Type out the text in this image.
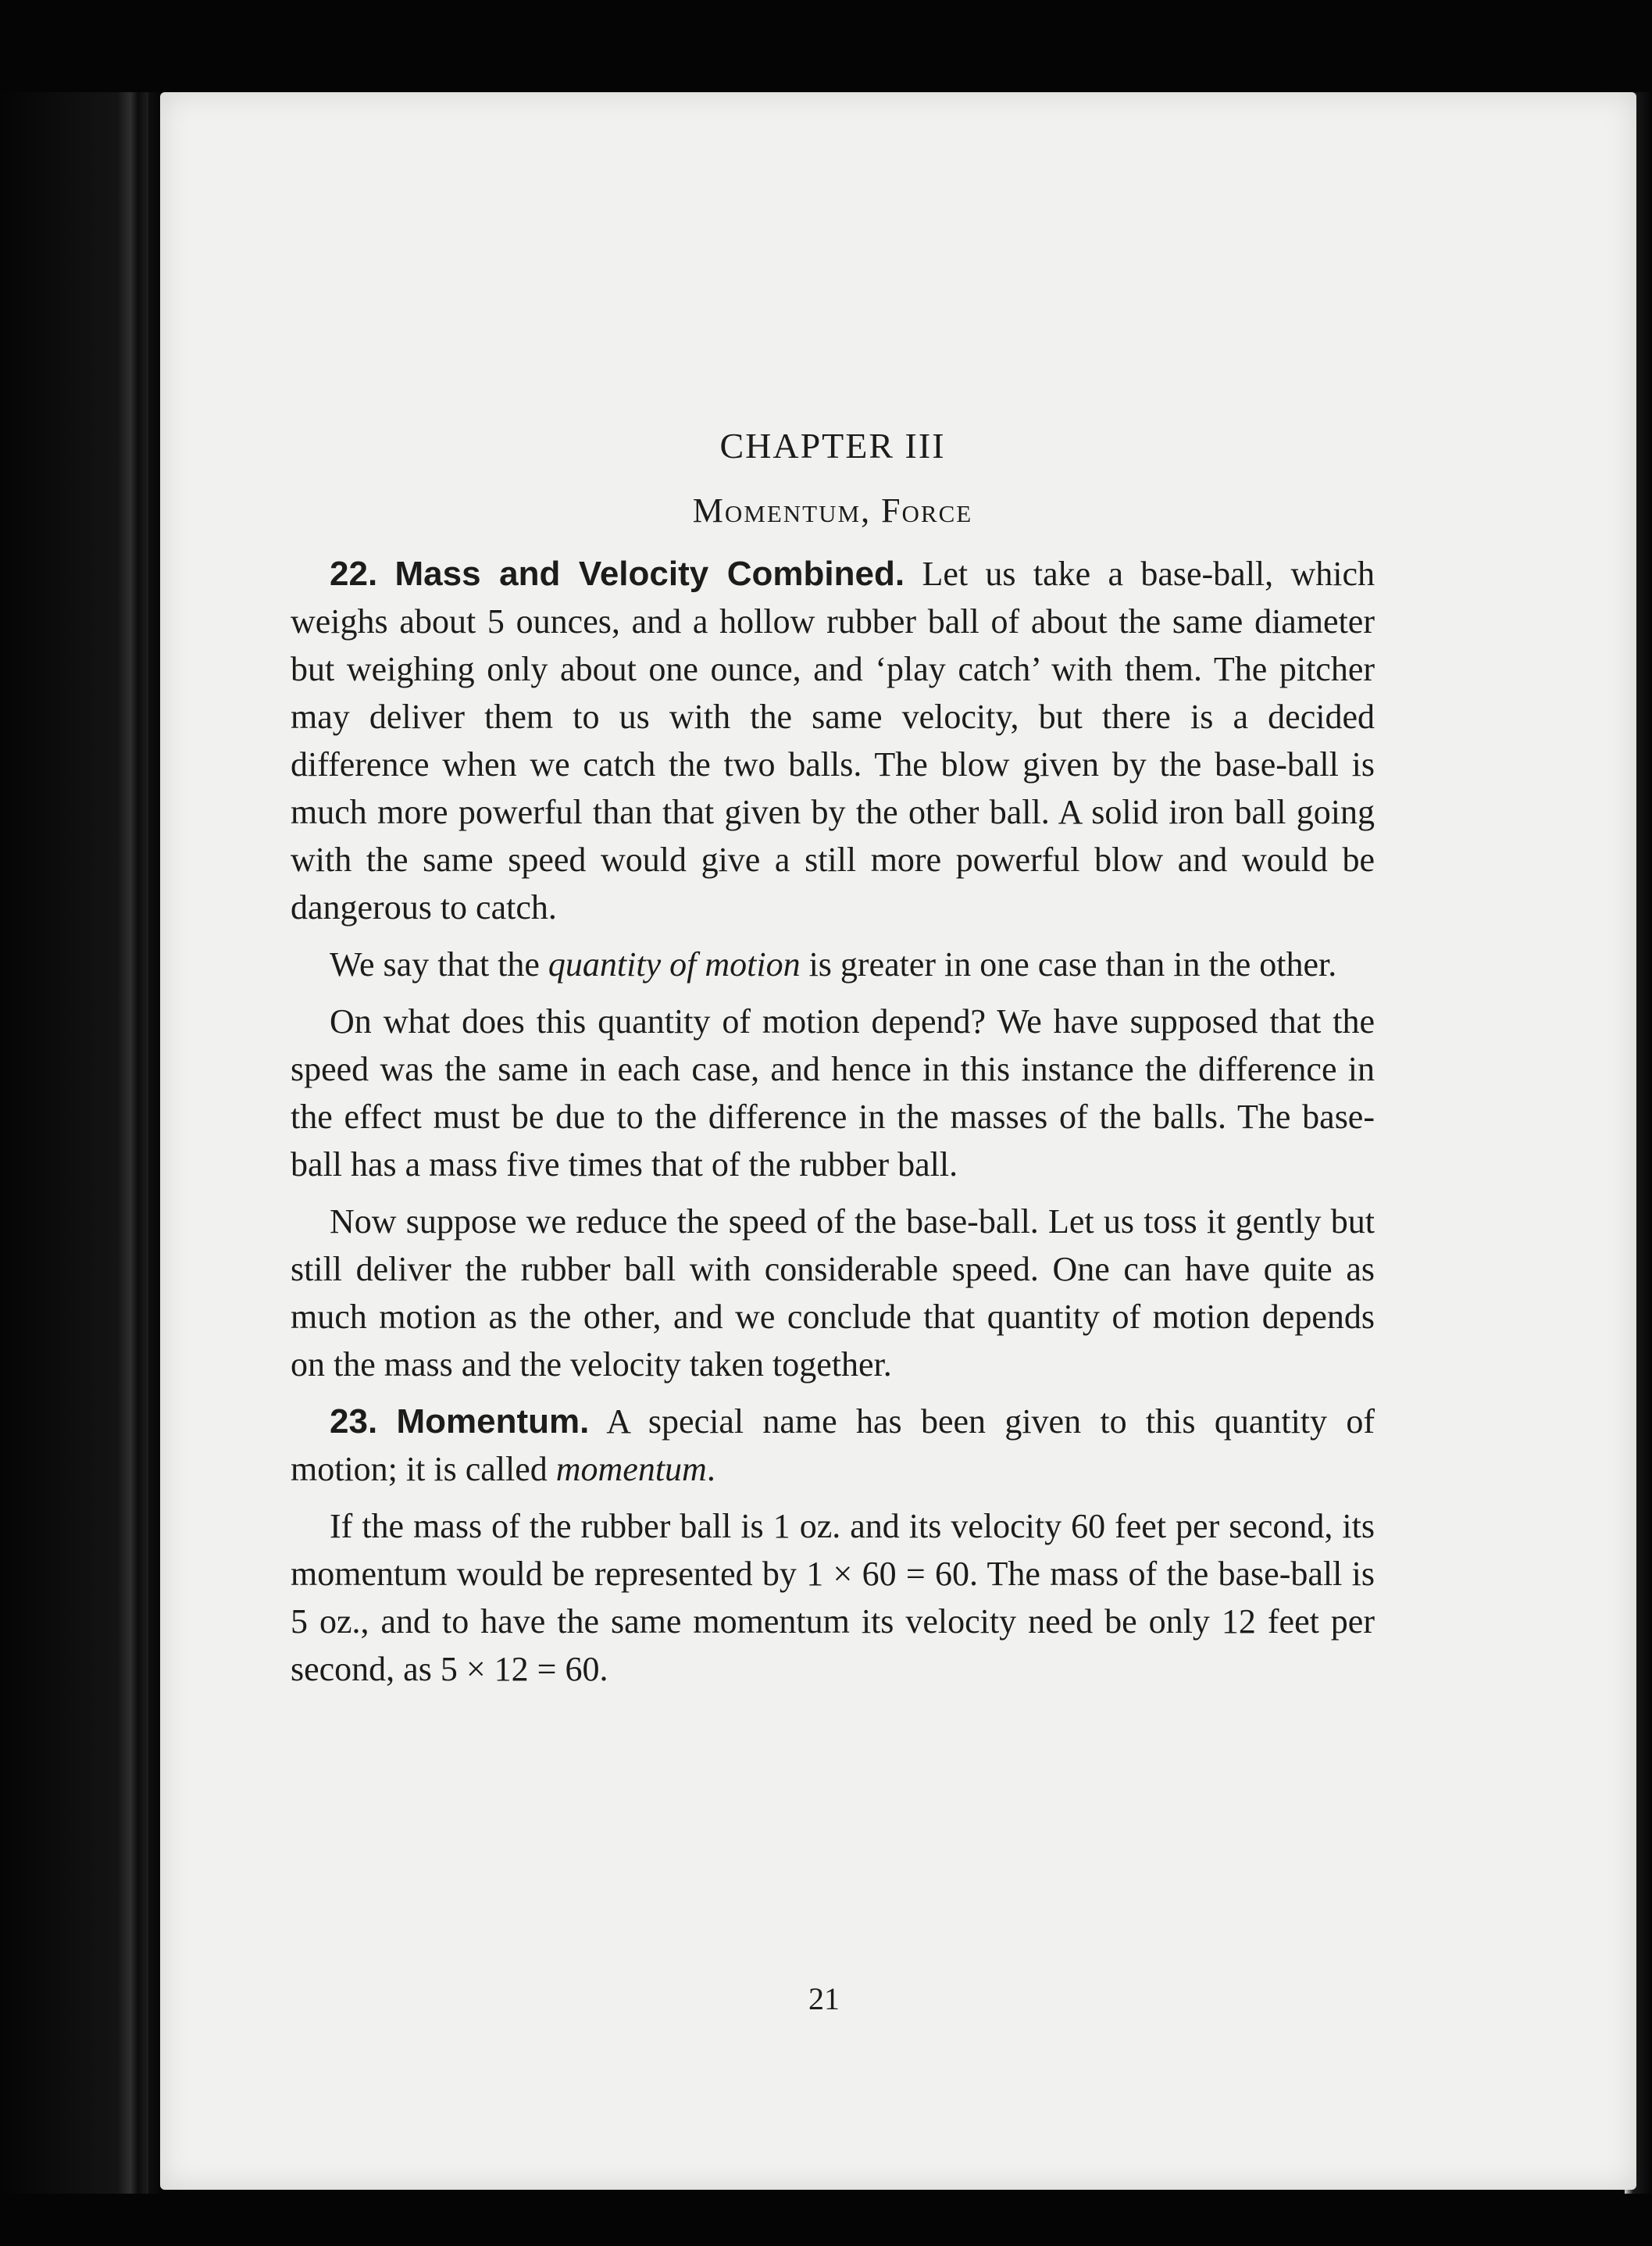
CHAPTER III
Momentum, Force

22. Mass and Velocity Combined. Let us take a base-ball, which weighs about 5 ounces, and a hollow rubber ball of about the same diameter but weighing only about one ounce, and ‘play catch’ with them. The pitcher may deliver them to us with the same velocity, but there is a decided difference when we catch the two balls. The blow given by the base-ball is much more powerful than that given by the other ball. A solid iron ball going with the same speed would give a still more powerful blow and would be dangerous to catch.

We say that the quantity of motion is greater in one case than in the other.

On what does this quantity of motion depend? We have supposed that the speed was the same in each case, and hence in this instance the difference in the effect must be due to the difference in the masses of the balls. The base-ball has a mass five times that of the rubber ball.

Now suppose we reduce the speed of the base-ball. Let us toss it gently but still deliver the rubber ball with considerable speed. One can have quite as much motion as the other, and we conclude that quantity of motion depends on the mass and the velocity taken together.

23. Momentum. A special name has been given to this quantity of motion; it is called momentum.

If the mass of the rubber ball is 1 oz. and its velocity 60 feet per second, its momentum would be represented by 1 × 60 = 60. The mass of the base-ball is 5 oz., and to have the same momentum its velocity need be only 12 feet per second, as 5 × 12 = 60.

21
